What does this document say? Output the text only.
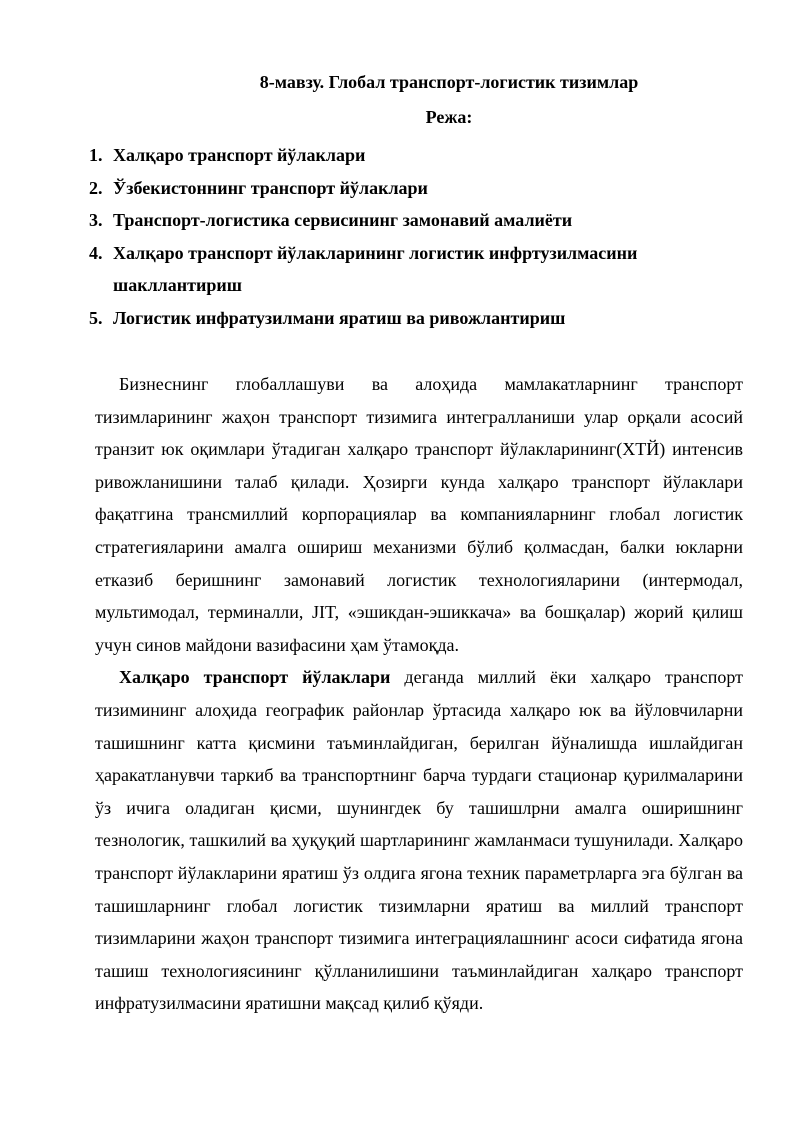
8-мавзу. Глобал транспорт-логистик тизимлар

Режа:

1. Халқаро транспорт йўлаклари
2. Ўзбекистоннинг транспорт йўлаклари
3. Транспорт-логистика сервисининг замонавий амалиёти
4. Халқаро транспорт йўлакларининг логистик инфртузилмасини шакллантириш
5. Логистик инфратузилмани яратиш ва ривожлантириш

Бизнеснинг глобаллашуви ва алоҳида мамлакатларнинг транспорт тизимларининг жаҳон транспорт тизимига интегралланиши улар орқали асосий транзит юк оқимлари ўтадиган халқаро транспорт йўлакларининг(ХТЙ) интенсив ривожланишини талаб қилади. Ҳозирги кунда халқаро транспорт йўлаклари фақатгина трансмиллий корпорациялар ва компанияларнинг глобал логистик стратегияларини амалга ошириш механизми бўлиб қолмасдан, балки юкларни етказиб беришнинг замонавий логистик технологияларини (интермодал, мультимодал, терминалли, JIT, «эшикдан-эшиккача» ва бошқалар) жорий қилиш учун синов майдони вазифасини ҳам ўтамоқда.

Халқаро транспорт йўлаклари деганда миллий ёки халқаро транспорт тизимининг алоҳида географик районлар ўртасида халқаро юк ва йўловчиларни ташишнинг катта қисмини таъминлайдиган, берилган йўналишда ишлайдиган ҳаракатланувчи таркиб ва транспортнинг барча турдаги стационар қурилмаларини ўз ичига оладиган қисми, шунингдек бу ташишлрни амалга оширишнинг тезнологик, ташкилий ва ҳуқуқий шартларининг жамланмаси тушунилади. Халқаро транспорт йўлакларини яратиш ўз олдига ягона техник параметрларга эга бўлган ва ташишларнинг глобал логистик тизимларни яратиш ва миллий транспорт тизимларини жаҳон транспорт тизимига интеграциялашнинг асоси сифатида ягона ташиш технологиясининг қўлланилишини таъминлайдиган халқаро транспорт инфратузилмасини яратишни мақсад қилиб қўяди.
